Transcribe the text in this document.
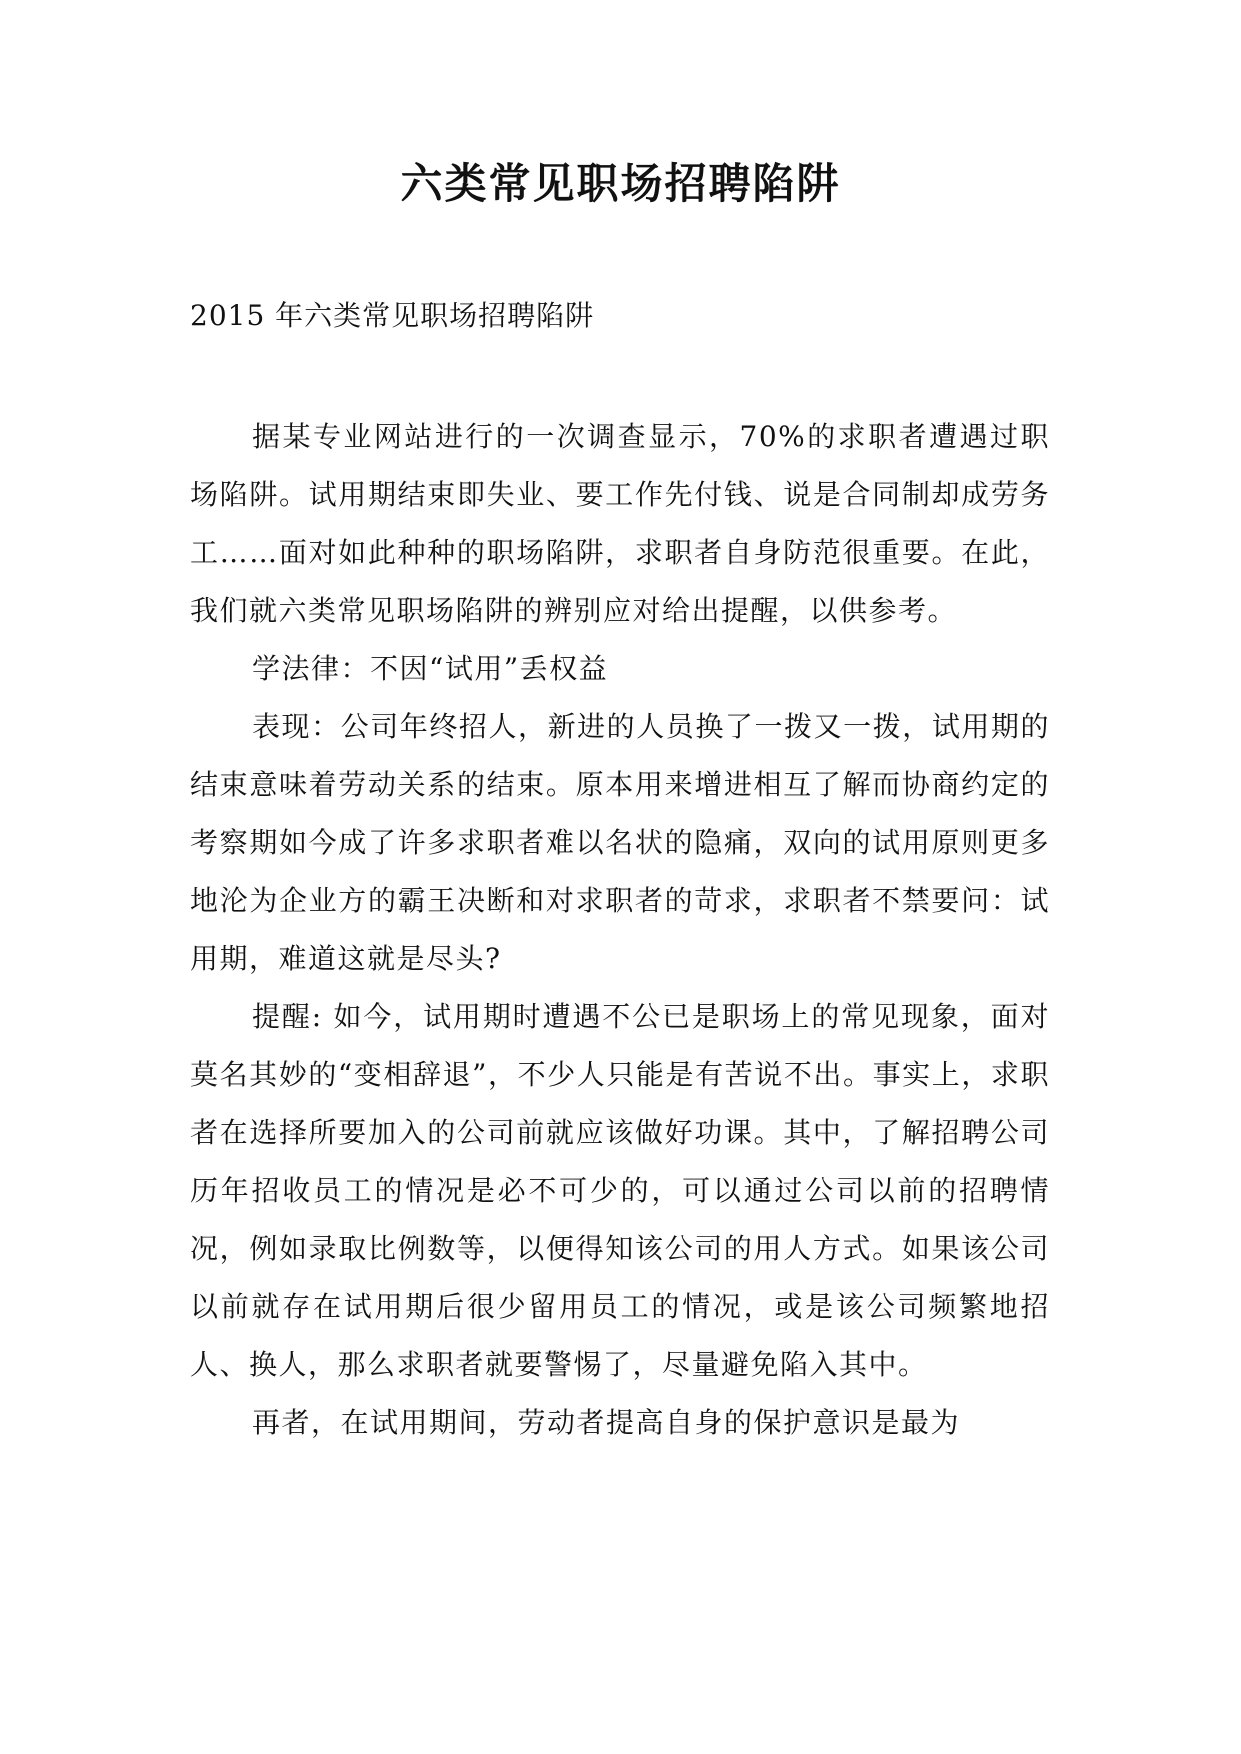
六类常见职场招聘陷阱

2015 年六类常见职场招聘陷阱

据某专业网站进行的一次调查显示，70%的求职者遭遇过职场陷阱。试用期结束即失业、要工作先付钱、说是合同制却成劳务工……面对如此种种的职场陷阱，求职者自身防范很重要。在此，我们就六类常见职场陷阱的辨别应对给出提醒，以供参考。

学法律：不因“试用”丢权益

表现：公司年终招人，新进的人员换了一拨又一拨，试用期的结束意味着劳动关系的结束。原本用来增进相互了解而协商约定的考察期如今成了许多求职者难以名状的隐痛，双向的试用原则更多地沦为企业方的霸王决断和对求职者的苛求，求职者不禁要问：试用期，难道这就是尽头?

提醒: 如今，试用期时遭遇不公已是职场上的常见现象，面对莫名其妙的“变相辞退”，不少人只能是有苦说不出。事实上，求职者在选择所要加入的公司前就应该做好功课。其中，了解招聘公司历年招收员工的情况是必不可少的，可以通过公司以前的招聘情况，例如录取比例数等，以便得知该公司的用人方式。如果该公司以前就存在试用期后很少留用员工的情况，或是该公司频繁地招人、换人，那么求职者就要警惕了，尽量避免陷入其中。

再者，在试用期间，劳动者提高自身的保护意识是最为
